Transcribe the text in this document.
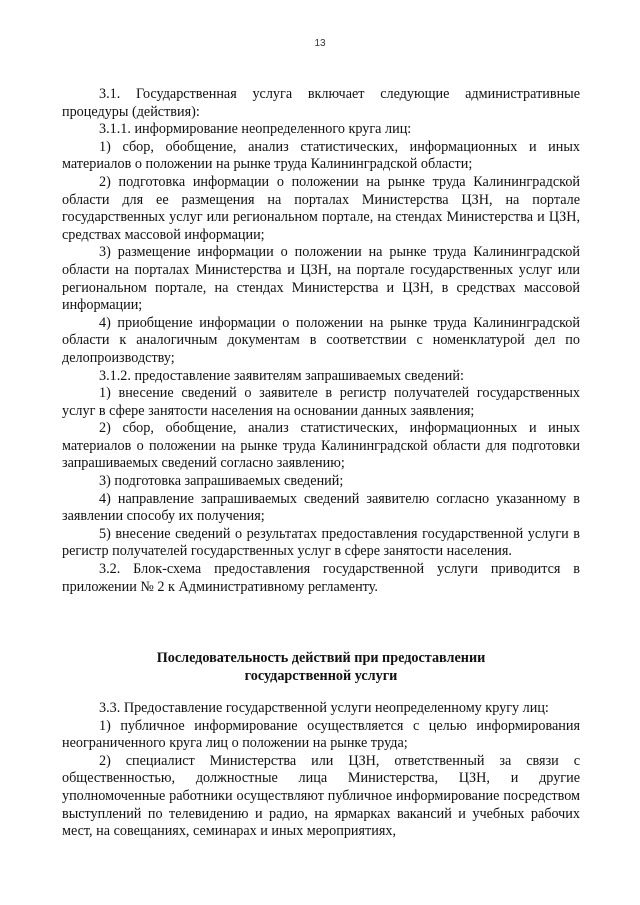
13

3.1. Государственная услуга включает следующие административные процедуры (действия):

3.1.1. информирование неопределенного круга лиц:

1) сбор, обобщение, анализ статистических, информационных и иных материалов о положении на рынке труда Калининградской области;

2) подготовка информации о положении на рынке труда Калининградской области для ее размещения на порталах Министерства ЦЗН, на портале государственных услуг или региональном портале, на стендах Министерства и ЦЗН, средствах массовой информации;

3) размещение информации о положении на рынке труда Калининградской области на порталах Министерства и ЦЗН, на портале государственных услуг или региональном портале, на стендах Министерства и ЦЗН, в средствах массовой информации;

4) приобщение информации о положении на рынке труда Калининградской области к аналогичным документам в соответствии с номенклатурой дел по делопроизводству;

3.1.2. предоставление заявителям запрашиваемых сведений:

1) внесение сведений о заявителе в регистр получателей государственных услуг в сфере занятости населения на основании данных заявления;

2) сбор, обобщение, анализ статистических, информационных и иных материалов о положении на рынке труда Калининградской области для подготовки запрашиваемых сведений согласно заявлению;

3) подготовка запрашиваемых сведений;

4) направление запрашиваемых сведений заявителю согласно указанному в заявлении способу их получения;

5) внесение сведений о результатах предоставления государственной услуги в регистр получателей государственных услуг в сфере занятости населения.

3.2. Блок-схема предоставления государственной услуги приводится в приложении № 2 к Административному регламенту.

Последовательность действий при предоставлении
государственной услуги

3.3. Предоставление государственной услуги неопределенному кругу лиц:

1) публичное информирование осуществляется с целью информирования неограниченного круга лиц о положении на рынке труда;

2) специалист Министерства или ЦЗН, ответственный за связи с общественностью, должностные лица Министерства, ЦЗН, и другие уполномоченные работники осуществляют публичное информирование посредством выступлений по телевидению и радио, на ярмарках вакансий и учебных рабочих мест, на совещаниях, семинарах и иных мероприятиях,
